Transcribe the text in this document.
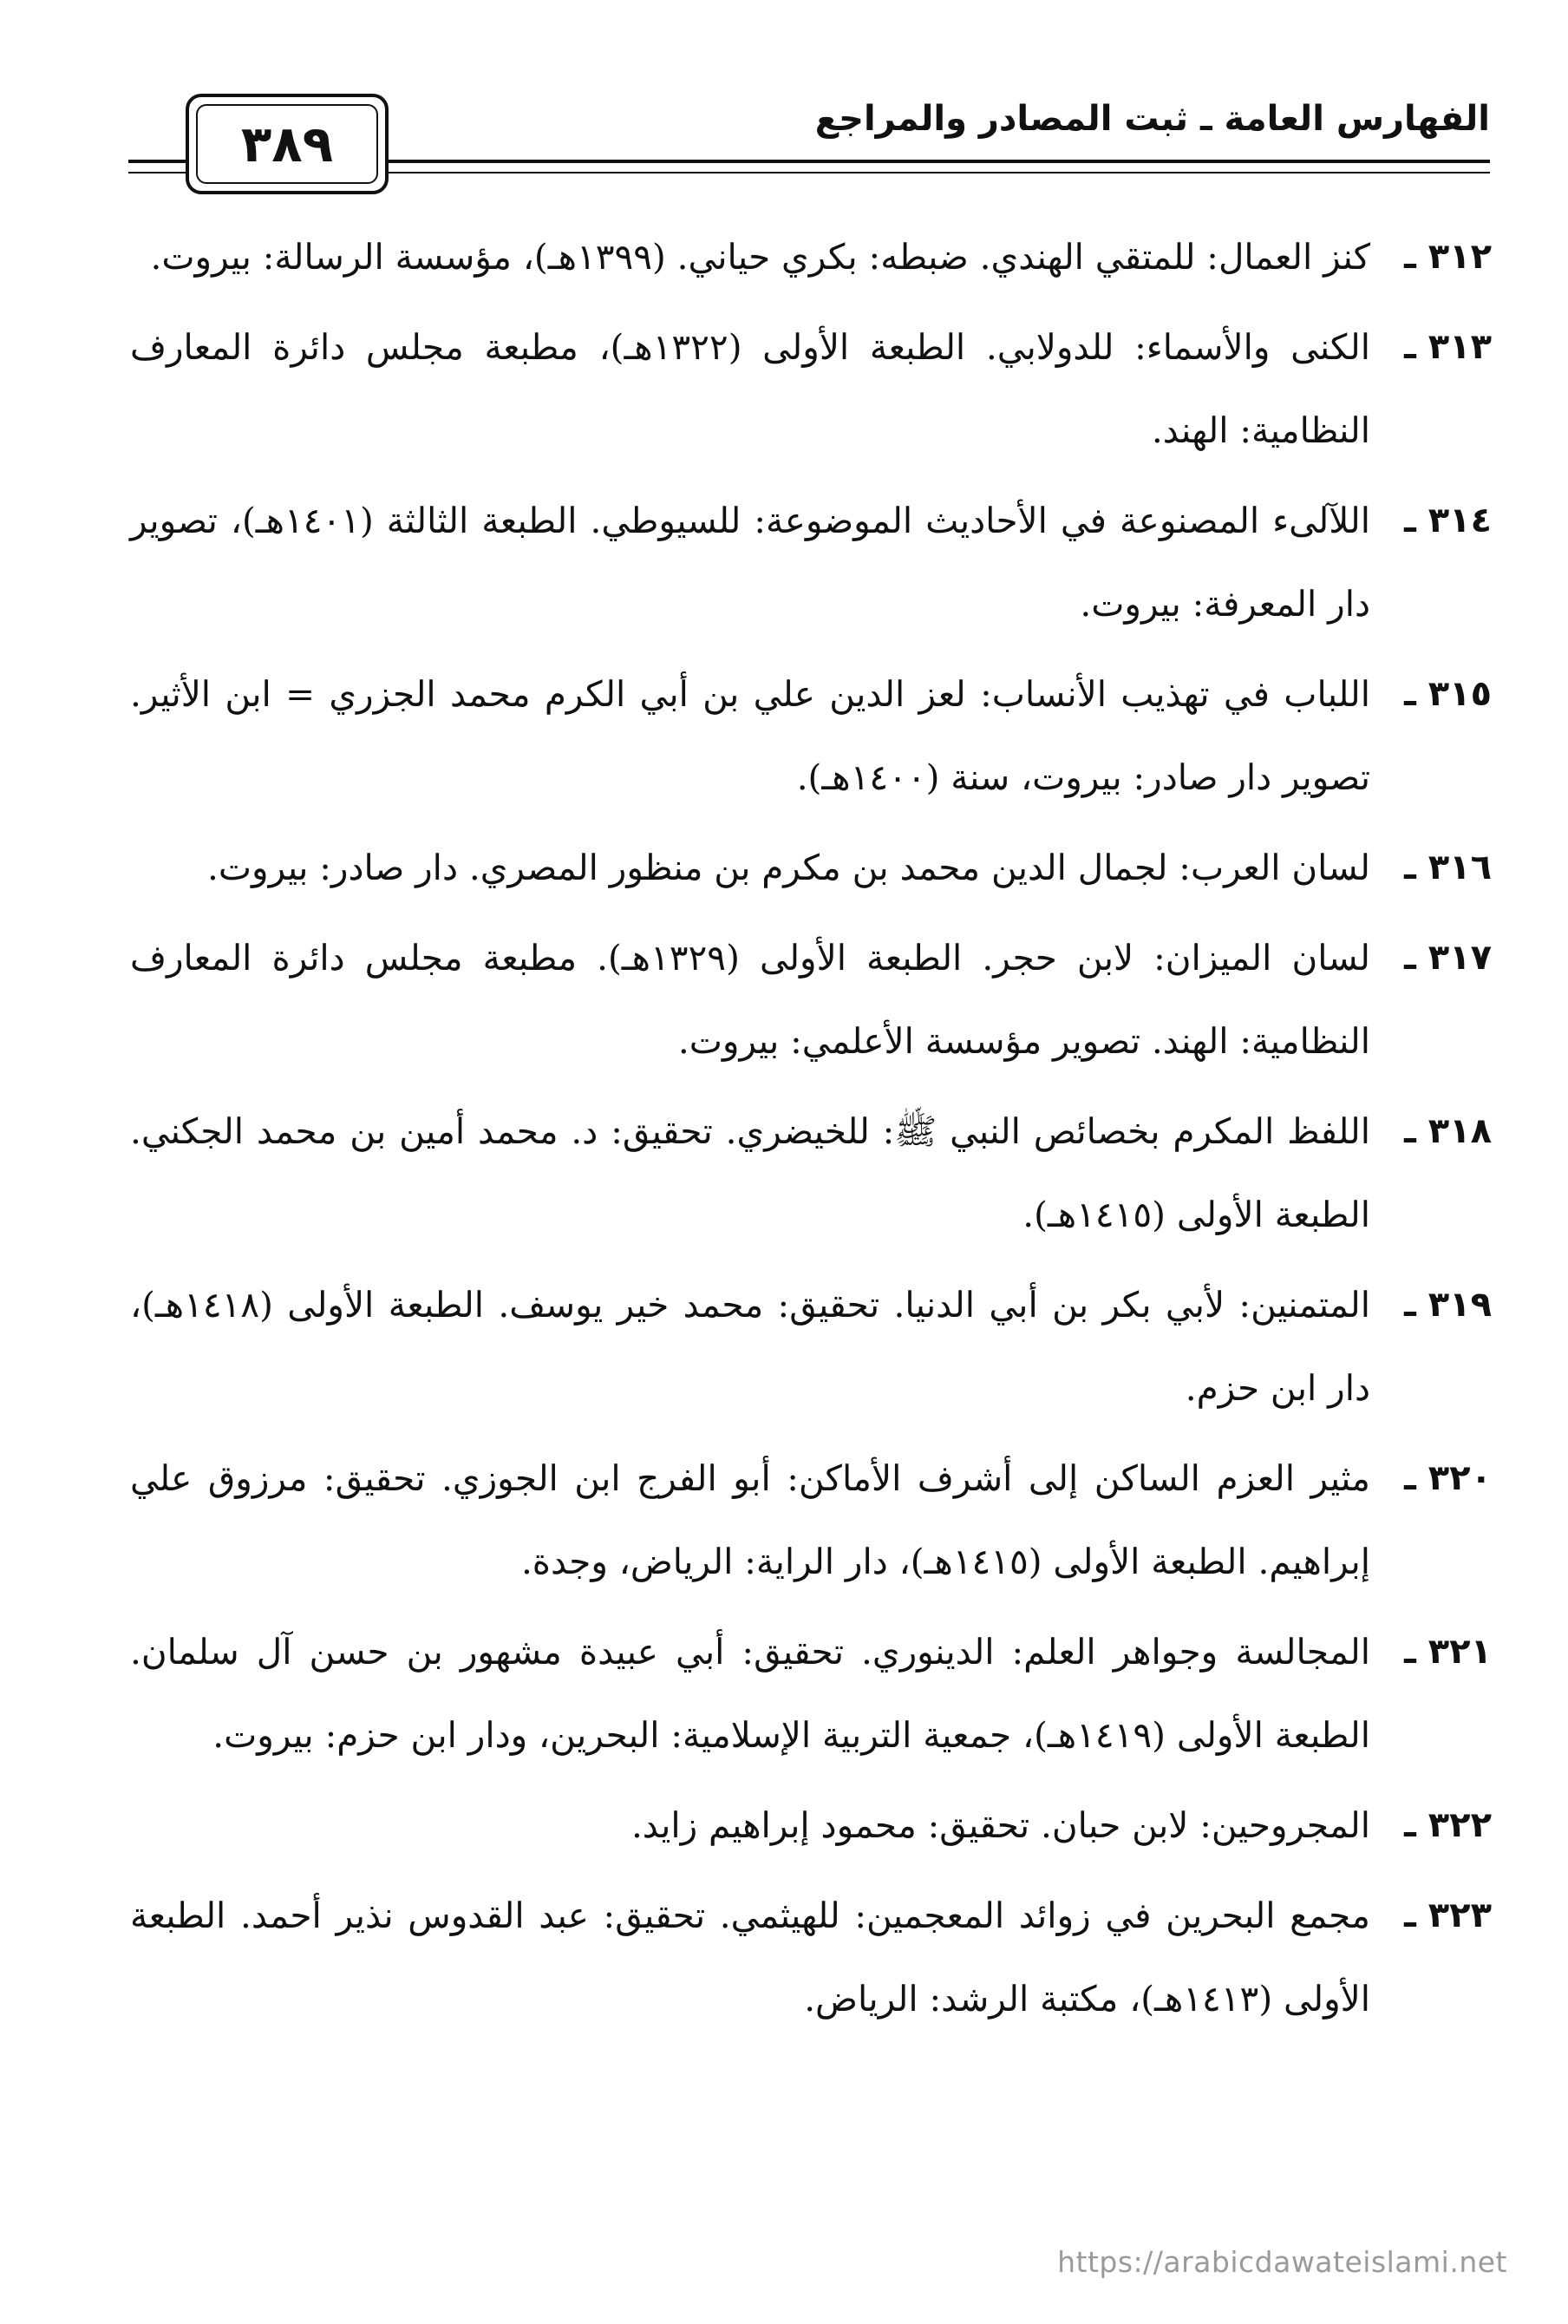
٣٨٩	الفهارس العامة ـ ثبت المصادر والمراجع
٣١٢ ـ
كنز العمال: للمتقي الهندي. ضبطه: بكري حياني. (١٣٩٩هـ)، مؤسسة الرسالة: بيروت.
٣١٣ ـ
الكنى والأسماء: للدولابي. الطبعة الأولى (١٣٢٢هـ)، مطبعة مجلس دائرة المعارف النظامية: الهند.
٣١٤ ـ
اللآلىء المصنوعة في الأحاديث الموضوعة: للسيوطي. الطبعة الثالثة (١٤٠١هـ)، تصوير دار المعرفة: بيروت.
٣١٥ ـ
اللباب في تهذيب الأنساب: لعز الدين علي بن أبي الكرم محمد الجزري = ابن الأثير. تصوير دار صادر: بيروت، سنة (١٤٠٠هـ).
٣١٦ ـ
لسان العرب: لجمال الدين محمد بن مكرم بن منظور المصري. دار صادر: بيروت.
٣١٧ ـ
لسان الميزان: لابن حجر. الطبعة الأولى (١٣٢٩هـ). مطبعة مجلس دائرة المعارف النظامية: الهند. تصوير مؤسسة الأعلمي: بيروت.
٣١٨ ـ
اللفظ المكرم بخصائص النبي ﷺ: للخيضري. تحقيق: د. محمد أمين بن محمد الجكني. الطبعة الأولى (١٤١٥هـ).
٣١٩ ـ
المتمنين: لأبي بكر بن أبي الدنيا. تحقيق: محمد خير يوسف. الطبعة الأولى (١٤١٨هـ)، دار ابن حزم.
٣٢٠ ـ
مثير العزم الساكن إلى أشرف الأماكن: أبو الفرج ابن الجوزي. تحقيق: مرزوق علي إبراهيم. الطبعة الأولى (١٤١٥هـ)، دار الراية: الرياض، وجدة.
٣٢١ ـ
المجالسة وجواهر العلم: الدينوري. تحقيق: أبي عبيدة مشهور بن حسن آل سلمان. الطبعة الأولى (١٤١٩هـ)، جمعية التربية الإسلامية: البحرين، ودار ابن حزم: بيروت.
٣٢٢ ـ
المجروحين: لابن حبان. تحقيق: محمود إبراهيم زايد.
٣٢٣ ـ
مجمع البحرين في زوائد المعجمين: للهيثمي. تحقيق: عبد القدوس نذير أحمد. الطبعة الأولى (١٤١٣هـ)، مكتبة الرشد: الرياض.
https://arabicdawateislami.net
